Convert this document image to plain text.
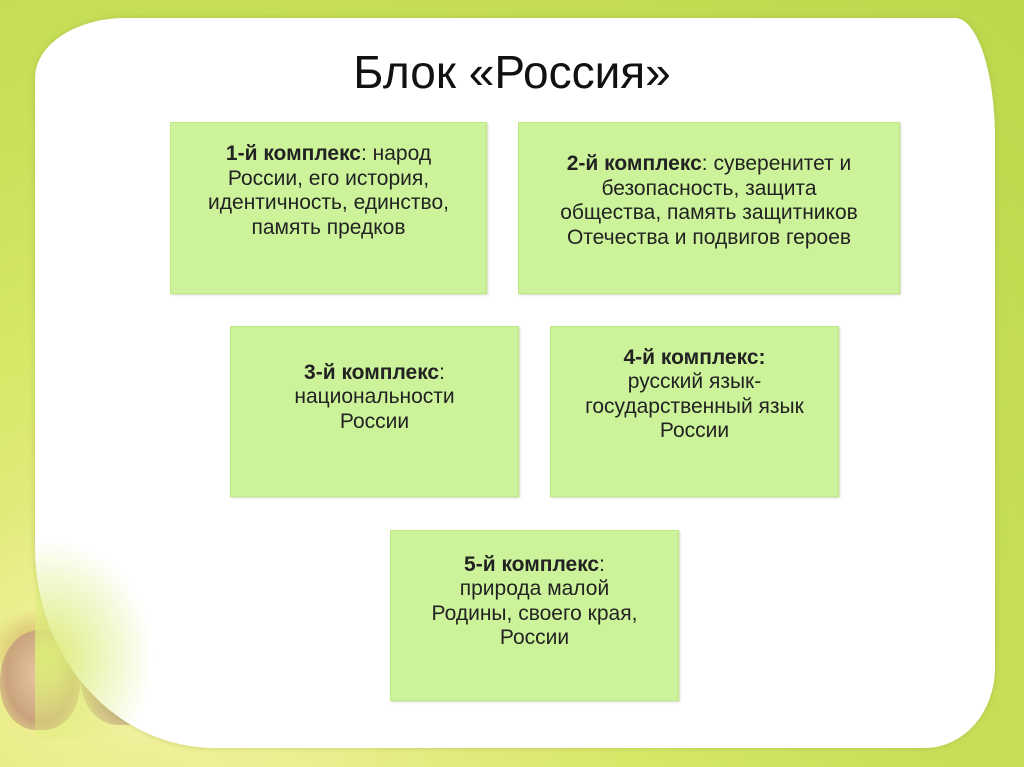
Блок «Россия»
1-й комплекс: народ
России, его история,
идентичность, единство,
память предков
2-й комплекс: суверенитет и
безопасность, защита
общества, память защитников
Отечества и подвигов героев
3-й комплекс:
национальности
России
4-й комплекс:
русский язык-
государственный язык
России
5-й комплекс:
природа малой
Родины, своего края,
России
